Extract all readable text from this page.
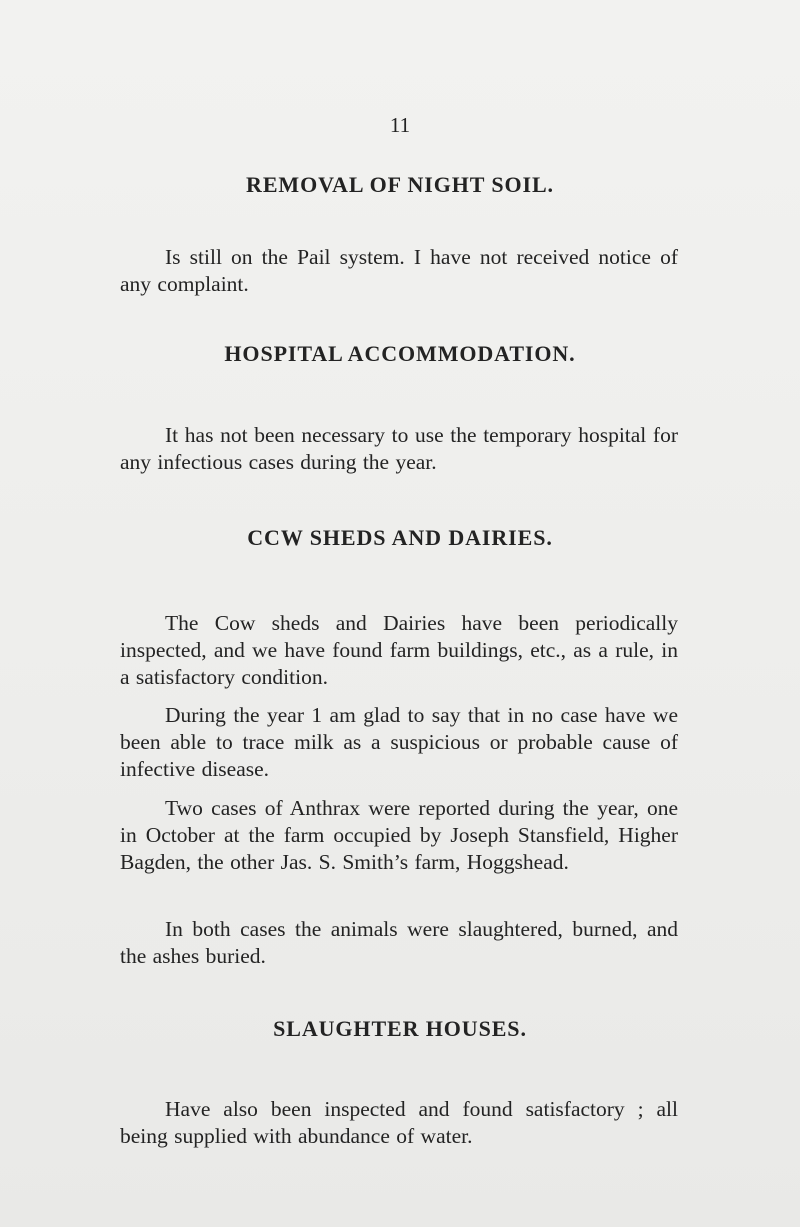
11
REMOVAL OF NIGHT SOIL.

Is still on the Pail system. I have not received notice of any complaint.

HOSPITAL ACCOMMODATION.

It has not been necessary to use the temporary hospital for any infectious cases during the year.

CCW SHEDS AND DAIRIES.

The Cow sheds and Dairies have been periodically inspected, and we have found farm buildings, etc., as a rule, in a satisfactory condition.

During the year 1 am glad to say that in no case have we been able to trace milk as a suspicious or probable cause of infective disease.

Two cases of Anthrax were reported during the year, one in October at the farm occupied by Joseph Stansfield, Higher Bagden, the other Jas. S. Smith’s farm, Hoggshead.

In both cases the animals were slaughtered, burned, and the ashes buried.

SLAUGHTER HOUSES.

Have also been inspected and found satisfactory ; all being supplied with abundance of water.
